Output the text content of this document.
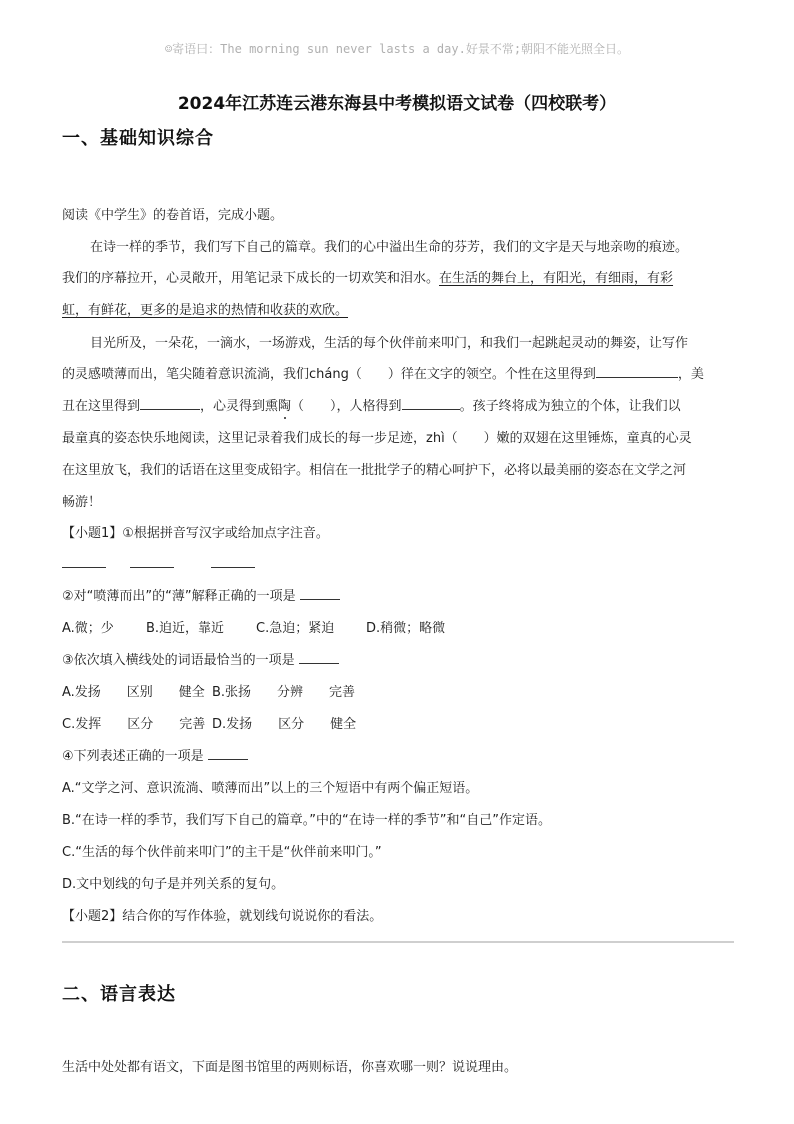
☺寄语曰：The morning sun never lasts a day.好景不常;朝阳不能光照全日。
2024年江苏连云港东海县中考模拟语文试卷（四校联考）
一、基础知识综合
阅读《中学生》的卷首语，完成小题。
在诗一样的季节，我们写下自己的篇章。我们的心中溢出生命的芬芳，我们的文字是天与地亲吻的痕迹。
我们的序幕拉开，心灵敞开，用笔记录下成长的一切欢笑和泪水。在生活的舞台上，有阳光，有细雨，有彩
虹，有鲜花，更多的是追求的热情和收获的欢欣。
目光所及，一朵花，一滴水，一场游戏，生活的每个伙伴前来叩门，和我们一起跳起灵动的舞姿，让写作
的灵感喷薄而出，笔尖随着意识流淌，我们cháng（　　）徉在文字的领空。个性在这里得到	，美
丑在这里得到	，心灵得到熏陶（　　），人格得到	。孩子终将成为独立的个体，让我们以
最童真的姿态快乐地阅读，这里记录着我们成长的每一步足迹，zhì（　　）嫩的双翅在这里锤炼，童真的心灵
在这里放飞，我们的话语在这里变成铅字。相信在一批批学子的精心呵护下，必将以最美丽的姿态在文学之河
畅游！
【小题1】①根据拼音写汉字或给加点字注音。

②对“喷薄而出”的“薄”解释正确的一项是
A.微；少 B.迫近，靠近 C.急迫；紧迫 D.稍微；略微
③依次填入横线处的词语最恰当的一项是
A.发扬　　区别　　健全 B.张扬　　分辨　　完善
C.发挥　　区分　　完善 D.发扬　　区分　　健全
④下列表述正确的一项是
A.“文学之河、意识流淌、喷薄而出”以上的三个短语中有两个偏正短语。
B.“在诗一样的季节，我们写下自己的篇章。”中的“在诗一样的季节”和“自己”作定语。
C.“生活的每个伙伴前来叩门”的主干是“伙伴前来叩门。”
D.文中划线的句子是并列关系的复句。
【小题2】结合你的写作体验，就划线句说说你的看法。
二、语言表达
生活中处处都有语文，下面是图书馆里的两则标语，你喜欢哪一则？说说理由。
